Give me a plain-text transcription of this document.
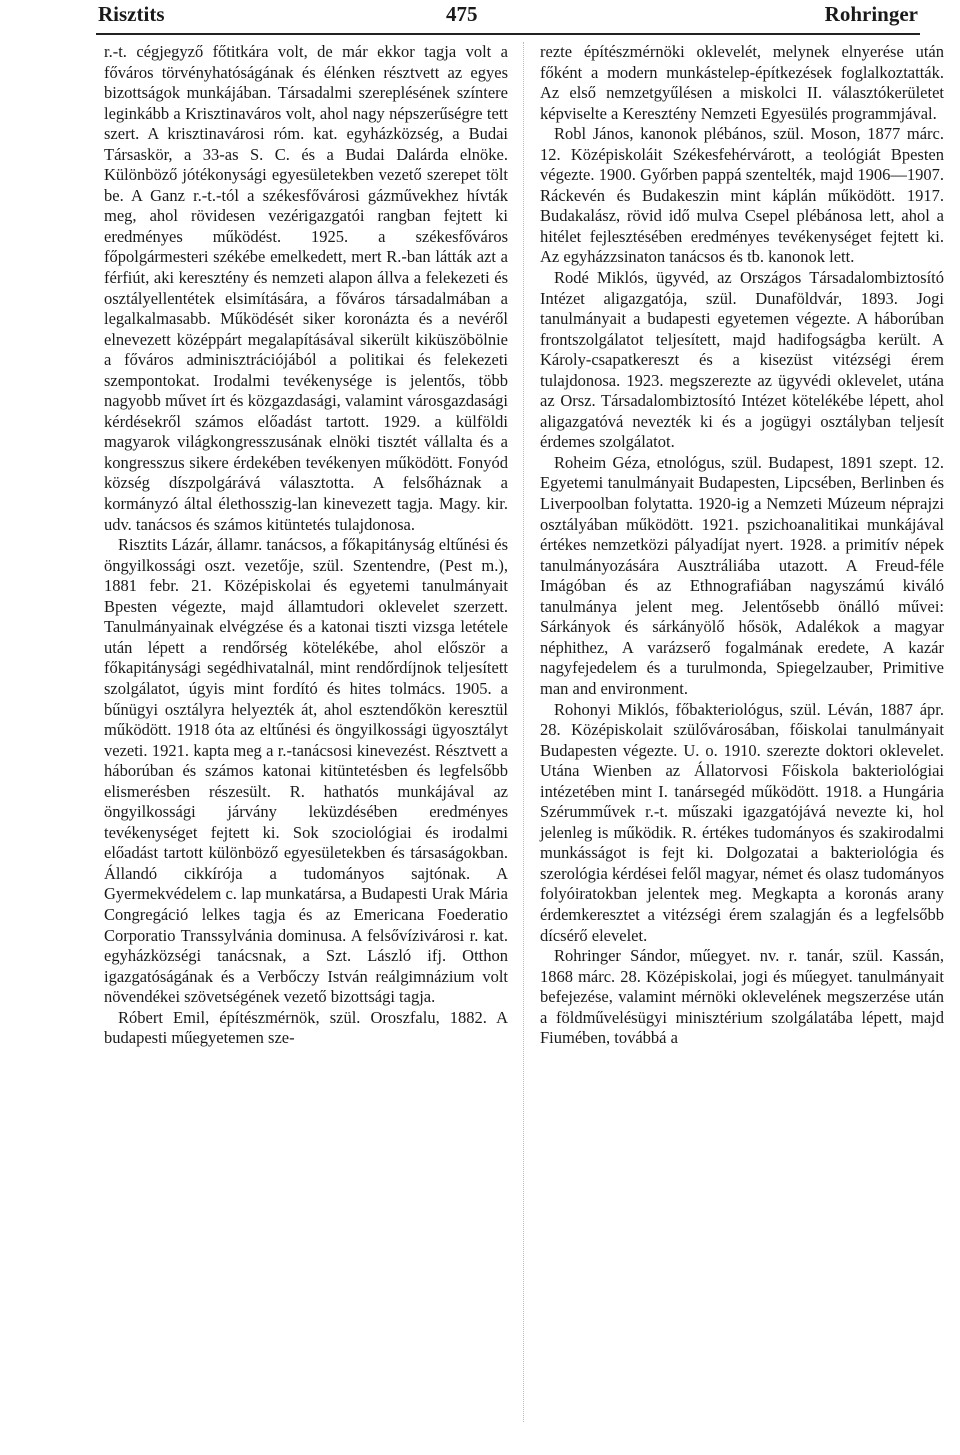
Risztits	475	Rohringer

r.-t. cégjegyző főtitkára volt, de már ekkor tagja volt a főváros törvényhatóságának és élénken résztvett az egyes bizottságok munkájában. Társadalmi szereplésének színtere leginkább a Krisztinaváros volt, ahol nagy népszerűségre tett szert. A krisztinavárosi róm. kat. egyházközség, a Budai Társaskör, a 33-as S. C. és a Budai Dalárda elnöke. Különböző jótékonysági egyesületekben vezető szerepet tölt be. A Ganz r.-t.-tól a székesfővárosi gázművekhez hívták meg, ahol rövidesen vezérigazgatói rangban fejtett ki eredményes működést. 1925. a székesfőváros főpolgármesteri székébe emelkedett, mert R.-ban látták azt a férfiút, aki keresztény és nemzeti alapon állva a felekezeti és osztályellentétek elsimítására, a főváros társadalmában a legalkalmasabb. Működését siker koronázta és a nevéről elnevezett középpárt megalapításával sikerült kiküszöbölnie a főváros adminisztrációjából a politikai és felekezeti szempontokat. Irodalmi tevékenysége is jelentős, több nagyobb művet írt és közgazdasági, valamint városgazdasági kérdésekről számos előadást tartott. 1929. a külföldi magyarok világkongresszusának elnöki tisztét vállalta és a kongresszus sikere érdekében tevékenyen működött. Fonyód község díszpolgárává választotta. A felsőháznak a kormányzó által élethosszig-lan kinevezett tagja. Magy. kir. udv. tanácsos és számos kitüntetés tulajdonosa.

Risztits Lázár, államr. tanácsos, a főkapitányság eltűnési és öngyilkossági oszt. vezetője, szül. Szentendre, (Pest m.), 1881 febr. 21. Középiskolai és egyetemi tanulmányait Bpesten végezte, majd államtudori oklevelet szerzett. Tanulmányainak elvégzése és a katonai tiszti vizsga letétele után lépett a rendőrség kötelékébe, ahol először a főkapitánysági segédhivatalnál, mint rendőrdíjnok teljesített szolgálatot, úgyis mint fordító és hites tolmács. 1905. a bűnügyi osztályra helyezték át, ahol esztendőkön keresztül működött. 1918 óta az eltűnési és öngyilkossági ügyosztályt vezeti. 1921. kapta meg a r.-tanácsosi kinevezést. Résztvett a háborúban és számos katonai kitüntetésben és legfelsőbb elismerésben részesült. R. hathatós munkájával az öngyilkossági járvány leküzdésében eredményes tevékenységet fejtett ki. Sok szociológiai és irodalmi előadást tartott különböző egyesületekben és társaságokban. Állandó cikkírója a tudományos sajtónak. A Gyermekvédelem c. lap munkatársa, a Budapesti Urak Mária Congregáció lelkes tagja és az Emericana Foederatio Corporatio Transsylvánia dominusa. A felsővízivárosi r. kat. egyházközségi tanácsnak, a Szt. László ifj. Otthon igazgatóságának és a Verbőczy István reálgimnázium volt növendékei szövetségének vezető bizottsági tagja.

Róbert Emil, építészmérnök, szül. Oroszfalu, 1882. A budapesti műegyetemen sze-

rezte építészmérnöki oklevelét, melynek elnyerése után főként a modern munkástelep-építkezések foglalkoztatták. Az első nemzetgyűlésen a miskolci II. választókerületet képviselte a Keresztény Nemzeti Egyesülés programmjával.

Robl János, kanonok plébános, szül. Moson, 1877 márc. 12. Középiskoláit Székesfehérvárott, a teológiát Bpesten végezte. 1900. Győrben pappá szentelték, majd 1906—1907. Ráckevén és Budakeszin mint káplán működött. 1917. Budakalász, rövid idő mulva Csepel plébánosa lett, ahol a hitélet fejlesztésében eredményes tevékenységet fejtett ki. Az egyházzsinaton tanácsos és tb. kanonok lett.

Rodé Miklós, ügyvéd, az Országos Társadalombiztosító Intézet aligazgatója, szül. Dunaföldvár, 1893. Jogi tanulmányait a budapesti egyetemen végezte. A háborúban frontszolgálatot teljesített, majd hadifogságba került. A Károly-csapatkereszt és a kisezüst vitézségi érem tulajdonosa. 1923. megszerezte az ügyvédi oklevelet, utána az Orsz. Társadalombiztosító Intézet kötelékébe lépett, ahol aligazgatóvá nevezték ki és a jogügyi osztályban teljesít érdemes szolgálatot.

Roheim Géza, etnológus, szül. Budapest, 1891 szept. 12. Egyetemi tanulmányait Budapesten, Lipcsében, Berlinben és Liverpoolban folytatta. 1920-ig a Nemzeti Múzeum néprajzi osztályában működött. 1921. pszichoanalitikai munkájával értékes nemzetközi pályadíjat nyert. 1928. a primitív népek tanulmányozására Ausztráliába utazott. A Freud-féle Imágóban és az Ethnografiában nagyszámú kiváló tanulmánya jelent meg. Jelentősebb önálló művei: Sárkányok és sárkányölő hősök, Adalékok a magyar néphithez, A varázserő fogalmának eredete, A kazár nagyfejedelem és a turulmonda, Spiegelzauber, Primitive man and environment.

Rohonyi Miklós, főbakteriológus, szül. Léván, 1887 ápr. 28. Középiskolait szülővárosában, főiskolai tanulmányait Budapesten végezte. U. o. 1910. szerezte doktori oklevelet. Utána Wienben az Állatorvosi Főiskola bakteriológiai intézetében mint I. tanársegéd működött. 1918. a Hungária Szérumművek r.-t. műszaki igazgatójává nevezte ki, hol jelenleg is működik. R. értékes tudományos és szakirodalmi munkásságot is fejt ki. Dolgozatai a bakteriológia és szerológia kérdései felől magyar, német és olasz tudományos folyóiratokban jelentek meg. Megkapta a koronás arany érdemkeresztet a vitézségi érem szalagján és a legfelsőbb dícsérő elevelet.

Rohringer Sándor, műegyet. nv. r. tanár, szül. Kassán, 1868 márc. 28. Középiskolai, jogi és műegyet. tanulmányait befejezése, valamint mérnöki oklevelének megszerzése után a földművelésügyi minisztérium szolgálatába lépett, majd Fiumében, továbbá a
